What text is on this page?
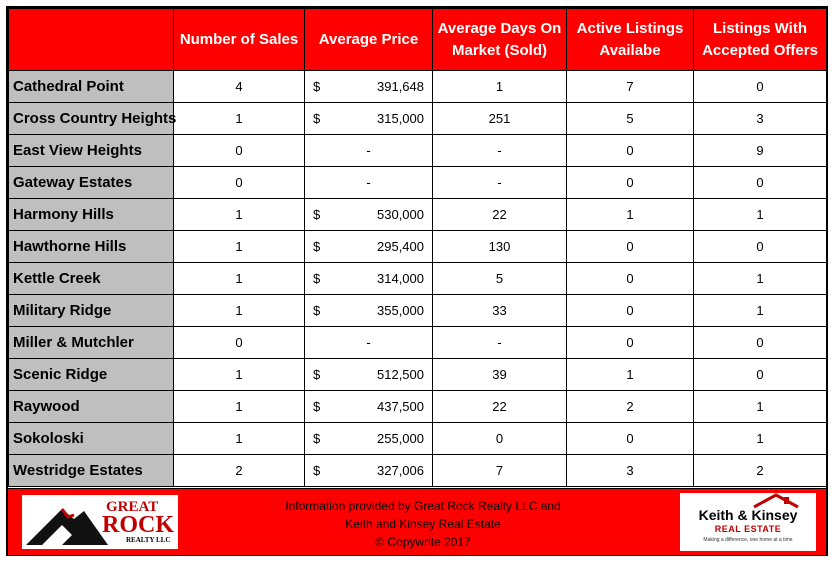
	Number of Sales	Average Price	Average Days On Market (Sold)	Active Listings Availabe	Listings With Accepted Offers
Cathedral Point	4	$ 391,648	1	7	0
Cross Country Heights	1	$ 315,000	251	5	3
East View Heights	0	-	-	0	9
Gateway Estates	0	-	-	0	0
Harmony Hills	1	$ 530,000	22	1	1
Hawthorne Hills	1	$ 295,400	130	0	0
Kettle Creek	1	$ 314,000	5	0	1
Military Ridge	1	$ 355,000	33	0	1
Miller & Mutchler	0	-	-	0	0
Scenic Ridge	1	$ 512,500	39	1	0
Raywood	1	$ 437,500	22	2	1
Sokoloski	1	$ 255,000	0	0	1
Westridge Estates	2	$ 327,006	7	3	2
GREAT
ROCK
REALTY LLC
Information provided by Great Rock Realty LLC and
Keith and Kinsey Real Estate
© Copywrite 2017
Keith & Kinsey
REAL ESTATE
Making a difference, one home at a time
